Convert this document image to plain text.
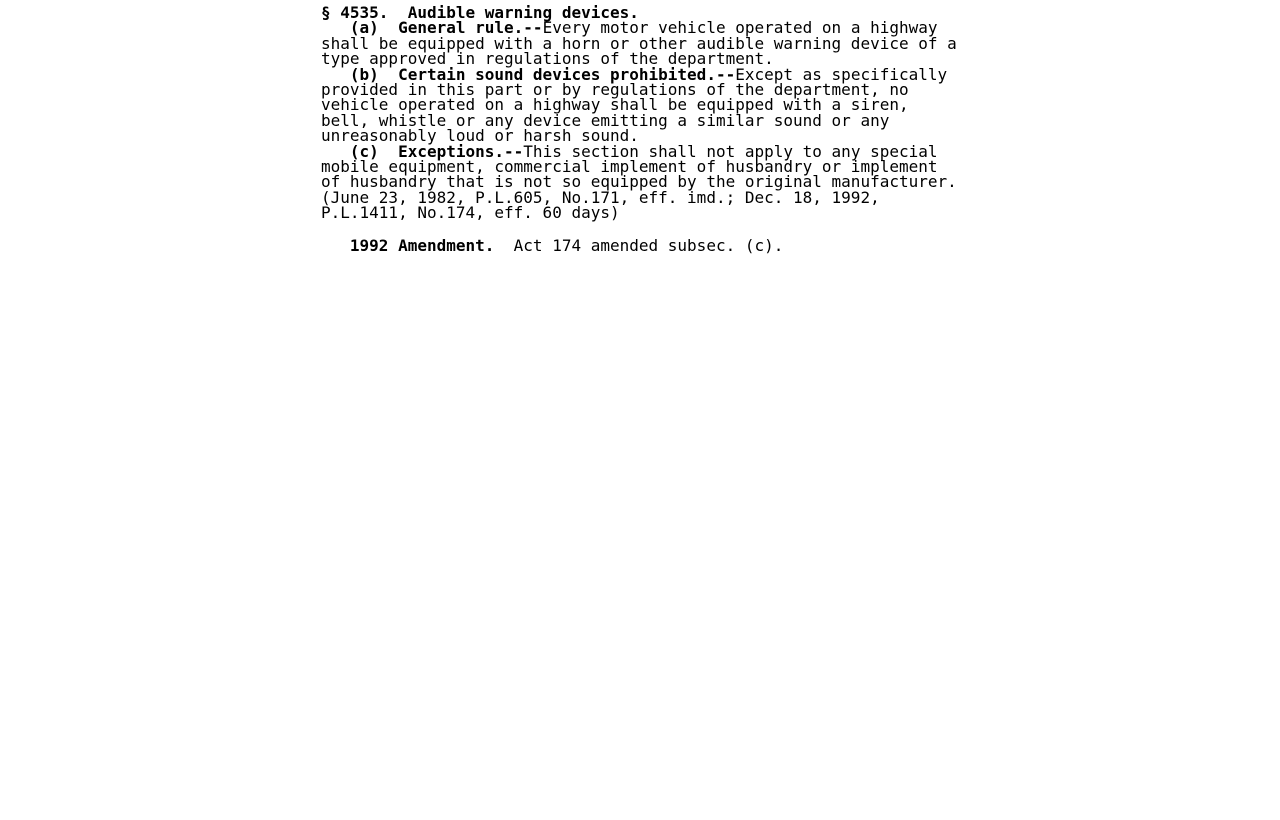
§ 4535.  Audible warning devices.
(a)  General rule.--Every motor vehicle operated on a highway
shall be equipped with a horn or other audible warning device of a
type approved in regulations of the department.
(b)  Certain sound devices prohibited.--Except as specifically
provided in this part or by regulations of the department, no
vehicle operated on a highway shall be equipped with a siren,
bell, whistle or any device emitting a similar sound or any
unreasonably loud or harsh sound.
(c)  Exceptions.--This section shall not apply to any special
mobile equipment, commercial implement of husbandry or implement
of husbandry that is not so equipped by the original manufacturer.
(June 23, 1982, P.L.605, No.171, eff. imd.; Dec. 18, 1992,
P.L.1411, No.174, eff. 60 days)
1992 Amendment.  Act 174 amended subsec. (c).
